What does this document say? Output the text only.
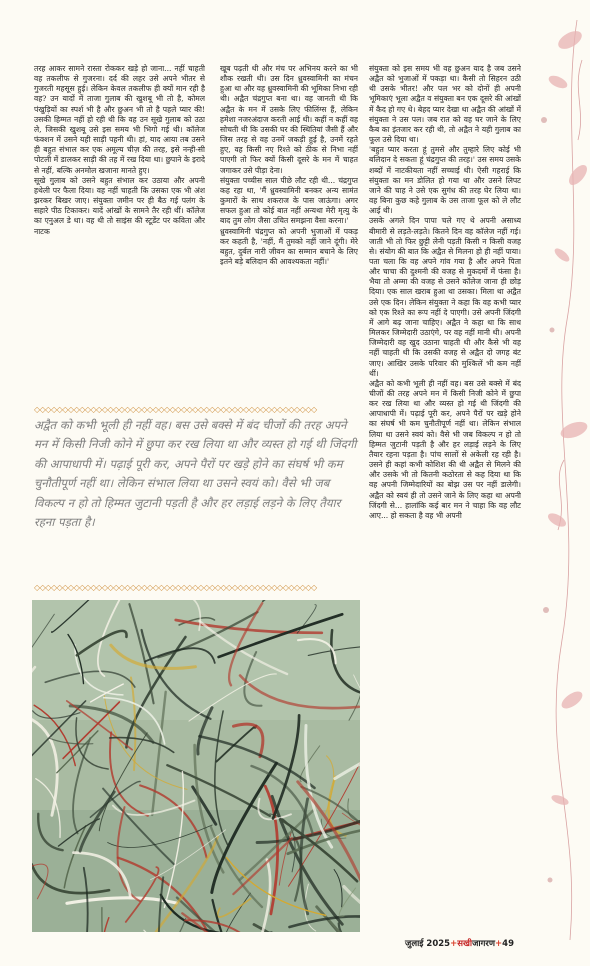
तरह आकर सामने रास्ता रोककर खड़े हो जाना... नहीं चाहती वह तकलीफ से गुजरना। दर्द की लहर उसे अपने भीतर से गुजरती महसूस हुई। लेकिन केवल तकलीफ ही क्यों मान रही है वह? उन यादों में ताजा गुलाब की खुशबू भी तो है, कोमल पंखुड़ियों का स्पर्श भी है और छुअन भी तो है पहले प्यार की! उसकी हिम्मत नहीं हो रही थी कि वह उन सूखे गुलाब को उठा ले, जिसकी खुशबू उसे इस समय भी भिगो गई थी। कॉलेज फंक्शन में उसने यही साड़ी पहनी थी। हां, याद आया तब उसने ही बहुत संभाल कर एक अमूल्य चीज़ की तरह, इसे नन्ही-सी पोटली में डालकर साड़ी की तह में रख दिया था। छुपाने के इरादे से नहीं, बल्कि अनमोल खजाना मानते हुए।

सूखे गुलाब को उसने बहुत संभाल कर उठाया और अपनी हथेली पर फैला दिया। वह नहीं चाहती कि उसका एक भी अंश झरकर बिखर जाए। संयुक्ता जमीन पर ही बैठ गई पलंग के सहारे पीठ टिकाकर। यादें आंखों के सामने तैर रही थीं। कॉलेज का एनुअल डे था। वह थी तो साइंस की स्टूडेंट पर कविता और नाटक

खूब पढ़ती थी और मंच पर अभिनय करने का भी शौक रखती थी। उस दिन ध्रुवस्वामिनी का मंचन हुआ था और वह ध्रुवस्वामिनी की भूमिका निभा रही थी। अद्वैत चंद्रगुप्त बना था। वह जानती थी कि अद्वैत के मन में उसके लिए फीलिंग्स हैं, लेकिन हमेशा नजरअंदाज करती आई थी। कहीं न कहीं वह सोचती थी कि उसकी घर की स्थितियां जैसी हैं और जिस तरह से वह उनमें जकड़ी हुई है, उनमें रहते हुए, वह किसी नए रिश्ते को ठीक से निभा नहीं पाएगी तो फिर क्यों किसी दूसरे के मन में चाहत जगाकर उसे पीड़ा देना।

संयुक्ता पच्चीस साल पीछे लौट रही थी... चंद्रगुप्त कह रहा था, 'मैं ध्रुवस्वामिनी बनकर अन्य सामंत कुमारों के साथ शकराज के पास जाऊंगा। अगर सफल हुआ तो कोई बात नहीं अन्यथा मेरी मृत्यु के बाद तुम लोग जैसा उचित समझना वैसा करना।'

ध्रुवस्वामिनी चंद्रगुप्त को अपनी भुजाओं में पकड़ कर कहती है, 'नहीं, मैं तुमको नहीं जाने दूंगी। मेरे बहुत, दुर्बल नारी जीवन का सम्मान बचाने के लिए इतने बड़े बलिदान की आवश्यकता नहीं।'

संयुक्ता को इस समय भी वह छुअन याद है जब उसने अद्वैत को भुजाओं में पकड़ा था। कैसी तो सिहरन उठी थी उसके भीतर! और पल भर को दोनों ही अपनी भूमिकाएं भूला अद्वैत व संयुक्ता बन एक दूसरे की आंखों में कैद हो गए थे। बेहद प्यार देखा था अद्वैत की आंखों में संयुक्ता ने उस पल। जब रात को वह घर जाने के लिए कैब का इंतजार कर रही थी, तो अद्वैत ने यही गुलाब का फूल उसे दिया था।

'बहुत प्यार करता हूं तुमसे और तुम्हारे लिए कोई भी बलिदान दे सकता हूं चंद्रगुप्त की तरह।' उस समय उसके शब्दों में नाटकीयता नहीं सच्चाई थी। ऐसी गहराई कि संयुक्ता का मन डोलित हो गया था और उसने लिपट जाने की चाह ने उसे एक सुगंध की तरह घेर लिया था। वह बिना कुछ कहे गुलाब के उस ताजा फूल को ले लौट आई थी।

उसके अगले दिन पापा चले गए थे अपनी असाध्य बीमारी से लड़ते-लड़ते। कितने दिन वह कॉलेज नहीं गई। जाती भी तो फिर छुट्टी लेनी पड़ती किसी न किसी वजह से। संयोग की बात कि अद्वैत से मिलना हो ही नहीं पाया। पता चला कि वह अपने गांव गया है और अपने पिता और चाचा की दुश्मनी की वजह से मुकदमों में फंसा है। भैया तो अम्मा की वजह से उसने कॉलेज जाना ही छोड़ दिया। एक साल खराब हुआ था उसका। मिला था अद्वैत उसे एक दिन। लेकिन संयुक्ता ने कहा कि वह कभी प्यार को एक रिश्ते का रूप नहीं दे पाएगी। उसे अपनी जिंदगी में आगे बढ़ जाना चाहिए। अद्वैत ने कहा था कि साथ मिलकर जिम्मेदारी उठाएंगे, पर वह नहीं मानी थी। अपनी जिम्मेदारी वह खुद उठाना चाहती थी और कैसे भी वह नहीं चाहती थी कि उसकी वजह से अद्वैत दो जगह बंट जाए। आखिर उसके परिवार की मुश्किलें भी कम नहीं थीं।

अद्वैत को कभी भूली ही नहीं वह। बस उसे बक्से में बंद चीजों की तरह अपने मन में किसी निजी कोने में छुपा कर रख लिया था और व्यस्त हो गई थी जिंदगी की आपाधापी में। पढ़ाई पूरी कर, अपने पैरों पर खड़े होने का संघर्ष भी कम चुनौतीपूर्ण नहीं था। लेकिन संभाल लिया था उसने स्वयं को। वैसे भी जब विकल्प न हो तो हिम्मत जुटानी पड़ती है और हर लड़ाई लड़ने के लिए तैयार रहना पड़ता है। पांच सालों से अकेली रह रही है। उसने ही कहां कभी कोशिश की थी अद्वैत से मिलने की और उसके भी तो कितनी कठोरता से कह दिया था कि वह अपनी जिम्मेदारियों का बोझ उस पर नहीं डालेगी। अद्वैत को स्वयं ही तो उसने जाने के लिए कहा था अपनी जिंदगी से... हालांकि कई बार मन ने चाहा कि वह लौट आए... हो सकता है वह भी अपनी

◇◇◇◇◇◇◇◇◇◇◇◇◇◇◇◇◇◇◇◇◇◇◇◇◇◇◇◇◇◇◇◇◇◇◇◇◇◇◇◇◇◇◇◇◇◇◇◇◇◇

अद्वैत को कभी भूली ही नहीं वह। बस उसे बक्से में बंद चीजों की तरह अपने मन में किसी निजी कोने में छुपा कर रख लिया था और व्यस्त हो गई थी जिंदगी की आपाधापी में। पढ़ाई पूरी कर, अपने पैरों पर खड़े होने का संघर्ष भी कम चुनौतीपूर्ण नहीं था। लेकिन संभाल लिया था उसने स्वयं को। वैसे भी जब विकल्प न हो तो हिम्मत जुटानी पड़ती है और हर लड़ाई लड़ने के लिए तैयार रहना पड़ता है।

◇◇◇◇◇◇◇◇◇◇◇◇◇◇◇◇◇◇◇◇◇◇◇◇◇◇◇◇◇◇◇◇◇◇◇◇◇◇◇◇◇◇◇◇◇◇◇◇◇◇
जुलाई 2025+सखीजागरण+49
